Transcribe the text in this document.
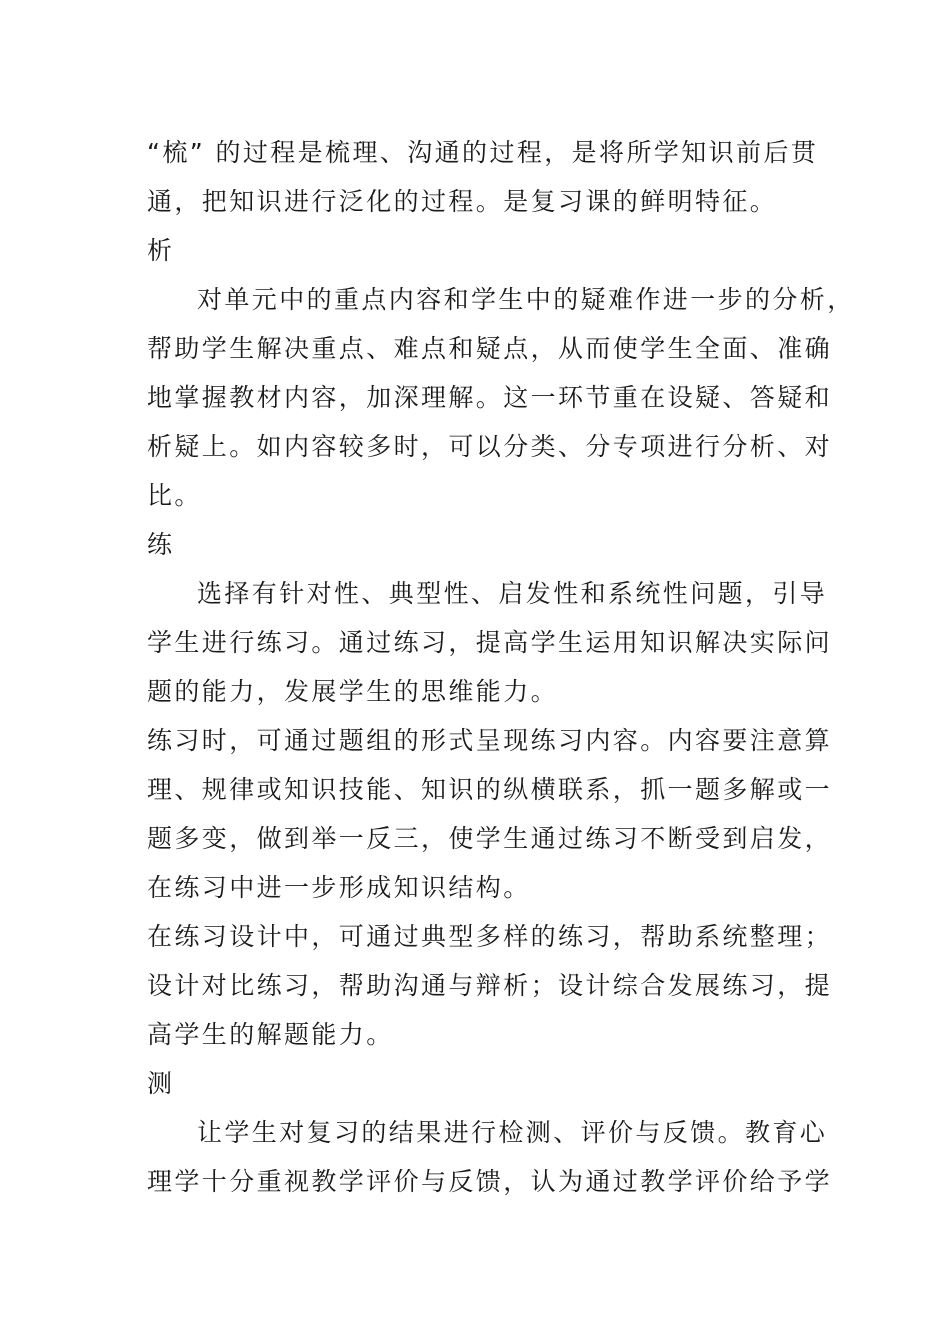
“梳” 的过程是梳理、沟通的过程，是将所学知识前后贯
通，把知识进行泛化的过程。是复习课的鲜明特征。
析
对单元中的重点内容和学生中的疑难作进一步的分析，
帮助学生解决重点、难点和疑点，从而使学生全面、准确
地掌握教材内容，加深理解。这一环节重在设疑、答疑和
析疑上。如内容较多时，可以分类、分专项进行分析、对
比。
练
选择有针对性、典型性、启发性和系统性问题，引导
学生进行练习。通过练习，提高学生运用知识解决实际问
题的能力，发展学生的思维能力。
练习时，可通过题组的形式呈现练习内容。内容要注意算
理、规律或知识技能、知识的纵横联系，抓一题多解或一
题多变，做到举一反三，使学生通过练习不断受到启发，
在练习中进一步形成知识结构。
在练习设计中，可通过典型多样的练习，帮助系统整理；
设计对比练习，帮助沟通与辩析；设计综合发展练习，提
高学生的解题能力。
测
让学生对复习的结果进行检测、评价与反馈。教育心
理学十分重视教学评价与反馈，认为通过教学评价给予学
